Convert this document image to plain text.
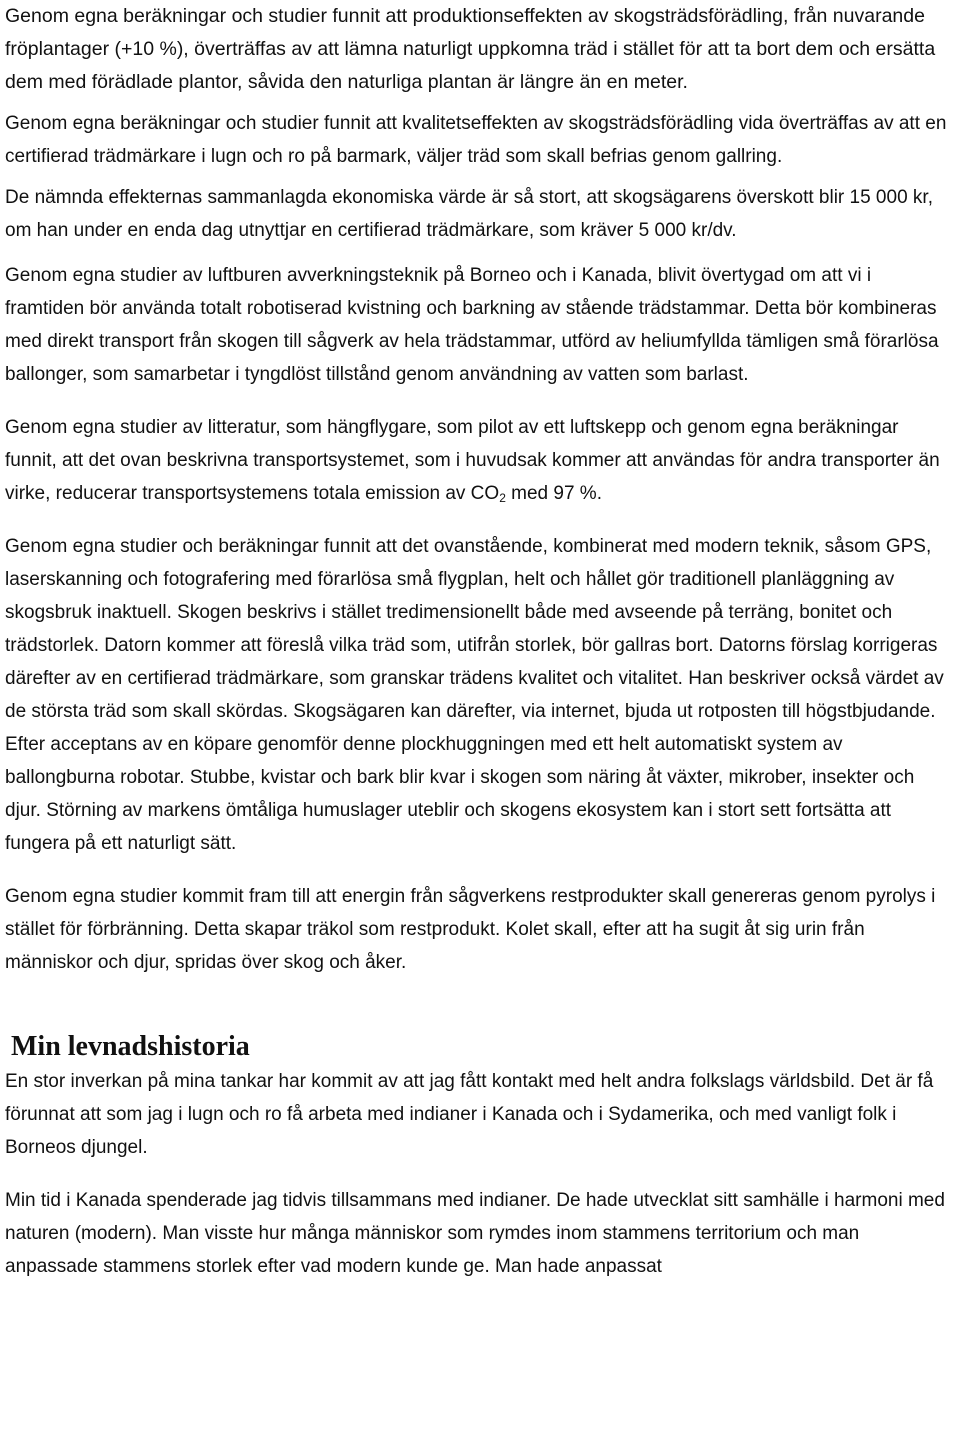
Genom egna beräkningar och studier funnit att produktionseffekten av skogsträdsförädling, från nuvarande fröplantager (+10 %), överträffas av att lämna naturligt uppkomna träd i stället för att ta bort dem och ersätta dem med förädlade plantor, såvida den naturliga plantan är längre än en meter.

Genom egna beräkningar och studier funnit att kvalitetseffekten av skogsträdsförädling vida överträffas av att en certifierad trädmärkare i lugn och ro på barmark, väljer träd som skall befrias genom gallring.

De nämnda effekternas sammanlagda ekonomiska värde är så stort, att skogsägarens överskott blir 15 000 kr, om han under en enda dag utnyttjar en certifierad trädmärkare, som kräver 5 000 kr/dv.

Genom egna studier av luftburen avverkningsteknik på Borneo och i Kanada, blivit övertygad om att vi i framtiden bör använda totalt robotiserad kvistning och barkning av stående trädstammar. Detta bör kombineras med direkt transport från skogen till sågverk av hela trädstammar, utförd av heliumfyllda tämligen små förarlösa ballonger, som samarbetar i tyngdlöst tillstånd genom användning av vatten som barlast.

Genom egna studier av litteratur, som hängflygare, som pilot av ett luftskepp och genom egna beräkningar funnit, att det ovan beskrivna transportsystemet, som i huvudsak kommer att användas för andra transporter än virke, reducerar transportsystemens totala emission av $CO_2$ med 97 %.

Genom egna studier och beräkningar funnit att det ovanstående, kombinerat med modern teknik, såsom GPS, laserskanning och fotografering med förarlösa små flygplan, helt och hållet gör traditionell planläggning av skogsbruk inaktuell. Skogen beskrivs i stället tredimensionellt både med avseende på terräng, bonitet och trädstorlek. Datorn kommer att föreslå vilka träd som, utifrån storlek, bör gallras bort. Datorns förslag korrigeras därefter av en certifierad trädmärkare, som granskar trädens kvalitet och vitalitet. Han beskriver också värdet av de största träd som skall skördas. Skogsägaren kan därefter, via internet, bjuda ut rotposten till högstbjudande. Efter acceptans av en köpare genomför denne plockhuggningen med ett helt automatiskt system av ballongburna robotar. Stubbe, kvistar och bark blir kvar i skogen som näring åt växter, mikrober, insekter och djur. Störning av markens ömtåliga humuslager uteblir och skogens ekosystem kan i stort sett fortsätta att fungera på ett naturligt sätt.

Genom egna studier kommit fram till att energin från sågverkens restprodukter skall genereras genom pyrolys i stället för förbränning. Detta skapar träkol som restprodukt. Kolet skall, efter att ha sugit åt sig urin från människor och djur, spridas över skog och åker.

Min levnadshistoria

En stor inverkan på mina tankar har kommit av att jag fått kontakt med helt andra folkslags världsbild. Det är få förunnat att som jag i lugn och ro få arbeta med indianer i Kanada och i Sydamerika, och med vanligt folk i Borneos djungel.

Min tid i Kanada spenderade jag tidvis tillsammans med indianer. De hade utvecklat sitt samhälle i harmoni med naturen (modern). Man visste hur många människor som rymdes inom stammens territorium och man anpassade stammens storlek efter vad modern kunde ge. Man hade anpassat
